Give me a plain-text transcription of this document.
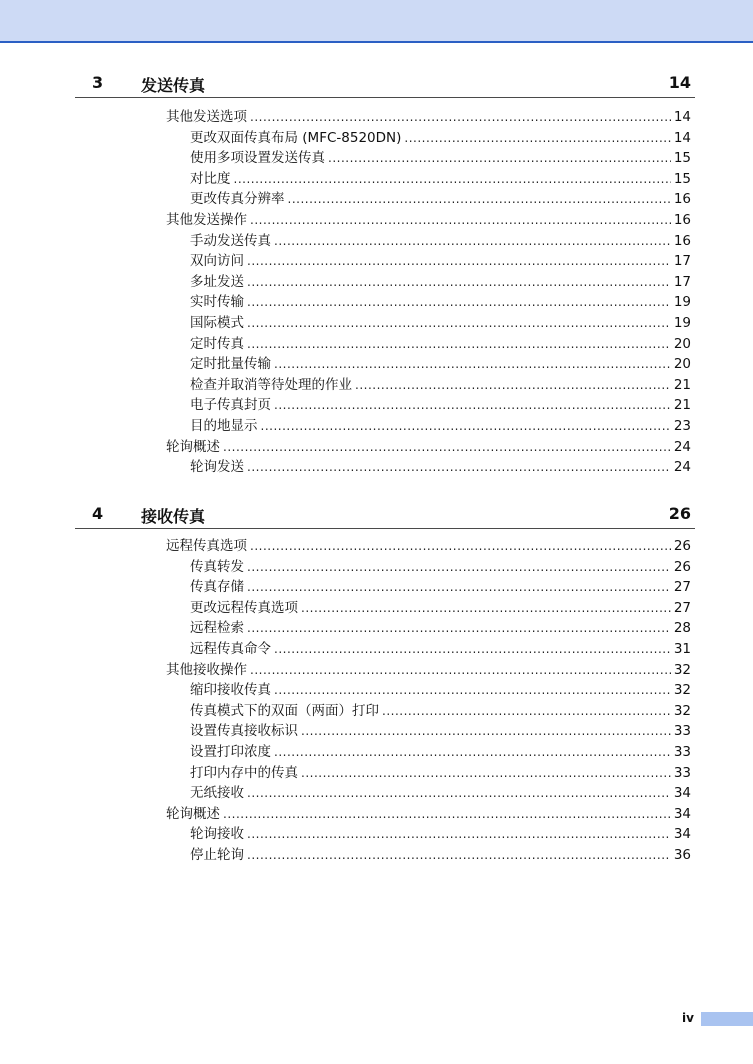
3 发送传真	14
其他发送选项 .....	14
更改双面传真布局 (MFC-8520DN) .....	14
使用多项设置发送传真 .....	15
对比度 .....	15
更改传真分辨率 .....	16
其他发送操作 .....	16
手动发送传真 .....	16
双向访问 .....	17
多址发送 .....	17
实时传输 .....	19
国际模式 .....	19
定时传真 .....	20
定时批量传输 .....	20
检查并取消等待处理的作业 .....	21
电子传真封页 .....	21
目的地显示 .....	23
轮询概述 .....	24
轮询发送 .....	24
4 接收传真	26
远程传真选项 .....	26
传真转发 .....	26
传真存储 .....	27
更改远程传真选项 .....	27
远程检索 .....	28
远程传真命令 .....	31
其他接收操作 .....	32
缩印接收传真 .....	32
传真模式下的双面（两面）打印 .....	32
设置传真接收标识 .....	33
设置打印浓度 .....	33
打印内存中的传真 .....	33
无纸接收 .....	34
轮询概述 .....	34
轮询接收 .....	34
停止轮询 .....	36
iv
